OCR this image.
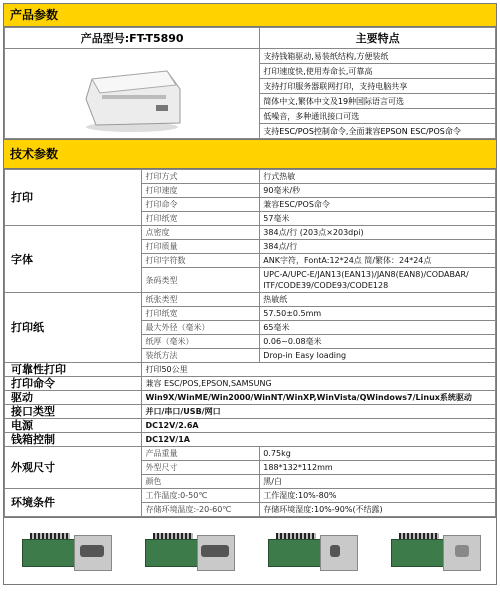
产品参数
产品型号:FT-T5890	主要特点
	支持钱箱驱动,易装纸结构,方便装纸
	打印速度快,使用寿命长,可靠高
	支持打印服务器联网打印，支持电脑共享
	简体中文,繁体中文及19种国际语言可选
	低噪音，多种通讯接口可选
	支持ESC/POS控制命令,全面兼容EPSON ESC/POS命令
技术参数
打印	打印方式	行式热敏
	打印速度	90毫米/秒
	打印命令	兼容ESC/POS命令
	打印纸宽	57毫米
字体	点密度	384点/行 (203点×203dpi)
	打印质量	384点/行
	打印字符数	ANK字符，FontA:12*24点 简/繁体：24*24点
	条码类型	UPC-A/UPC-E/JAN13(EAN13)/JAN8(EAN8)/CODABAR/
ITF/CODE39/CODE93/CODE128
打印纸	纸张类型	热敏纸
	打印纸宽	57.50±0.5mm
	最大外径（毫米）	65毫米
	纸厚（毫米）	0.06~0.08毫米
	装纸方法	Drop-in Easy loading
可靠性打印	打印50公里	
打印命令	兼容 ESC/POS,EPSON,SAMSUNG	
驱动	Win9X/WinME/Win2000/WinNT/WinXP,WinVista/QWindows7/Linux系统驱动	
接口类型	并口/串口/USB/网口	
电源	DC12V/2.6A	
钱箱控制	DC12V/1A	
外观尺寸	产品重量	0.75kg
	外型尺寸	188*132*112mm
	颜色	黑/白
环境条件	工作温度:0-50℃	工作湿度:10%-80%
	存储环境温度:-20-60℃	存储环境湿度:10%-90%(不结露)
